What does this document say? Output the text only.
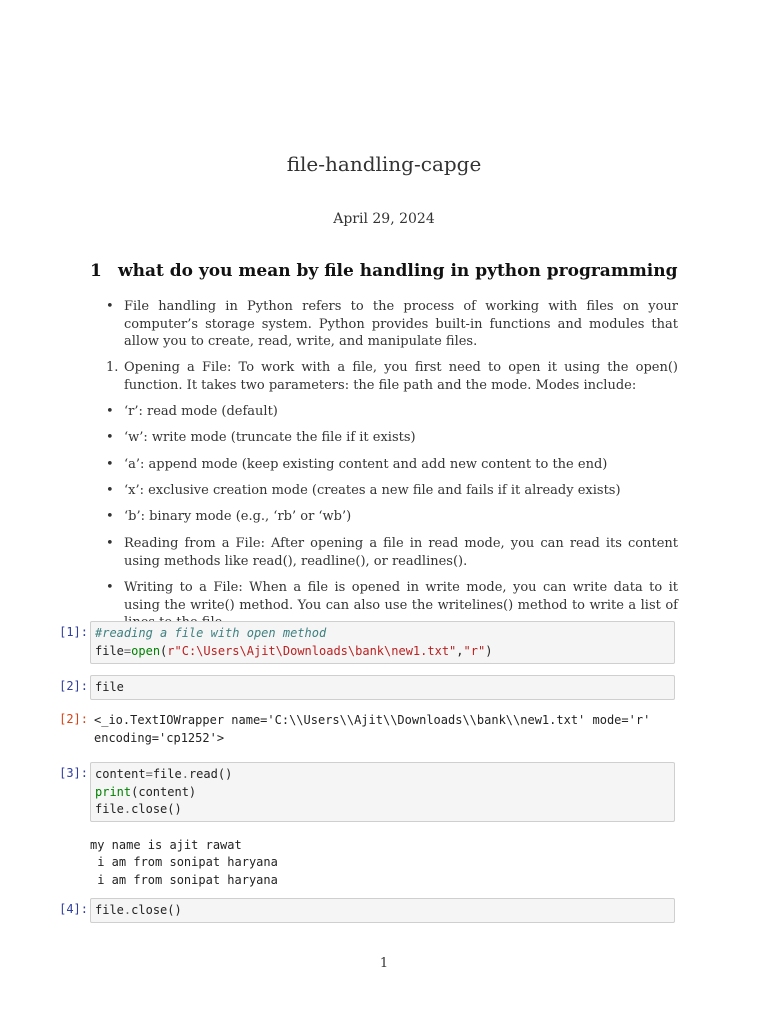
file-handling-capge
April 29, 2024
1 what do you mean by file handling in python programming
• File handling in Python refers to the process of working with files on your computer’s storage system. Python provides built-in functions and modules that allow you to create, read, write, and manipulate files.
1. Opening a File: To work with a file, you first need to open it using the open() function. It takes two parameters: the file path and the mode. Modes include:
• ‘r’: read mode (default)
• ‘w’: write mode (truncate the file if it exists)
• ‘a’: append mode (keep existing content and add new content to the end)
• ‘x’: exclusive creation mode (creates a new file and fails if it already exists)
• ‘b’: binary mode (e.g., ‘rb’ or ‘wb’)
• Reading from a File: After opening a file in read mode, you can read its content using methods like read(), readline(), or readlines().
• Writing to a File: When a file is opened in write mode, you can write data to it using the write() method. You can also use the writelines() method to write a list of
[1]: #reading a file with open method
file=open(r"C:\Users\Ajit\Downloads\bank\new1.txt","r")
[2]: file
[2]: <_io.TextIOWrapper name='C:\\Users\\Ajit\\Downloads\\bank\\new1.txt' mode='r'
encoding='cp1252'>
[3]: content=file.read()
print(content)
file.close()
my name is ajit rawat
i am from sonipat haryana
i am from sonipat haryana
[4]: file.close()
1
